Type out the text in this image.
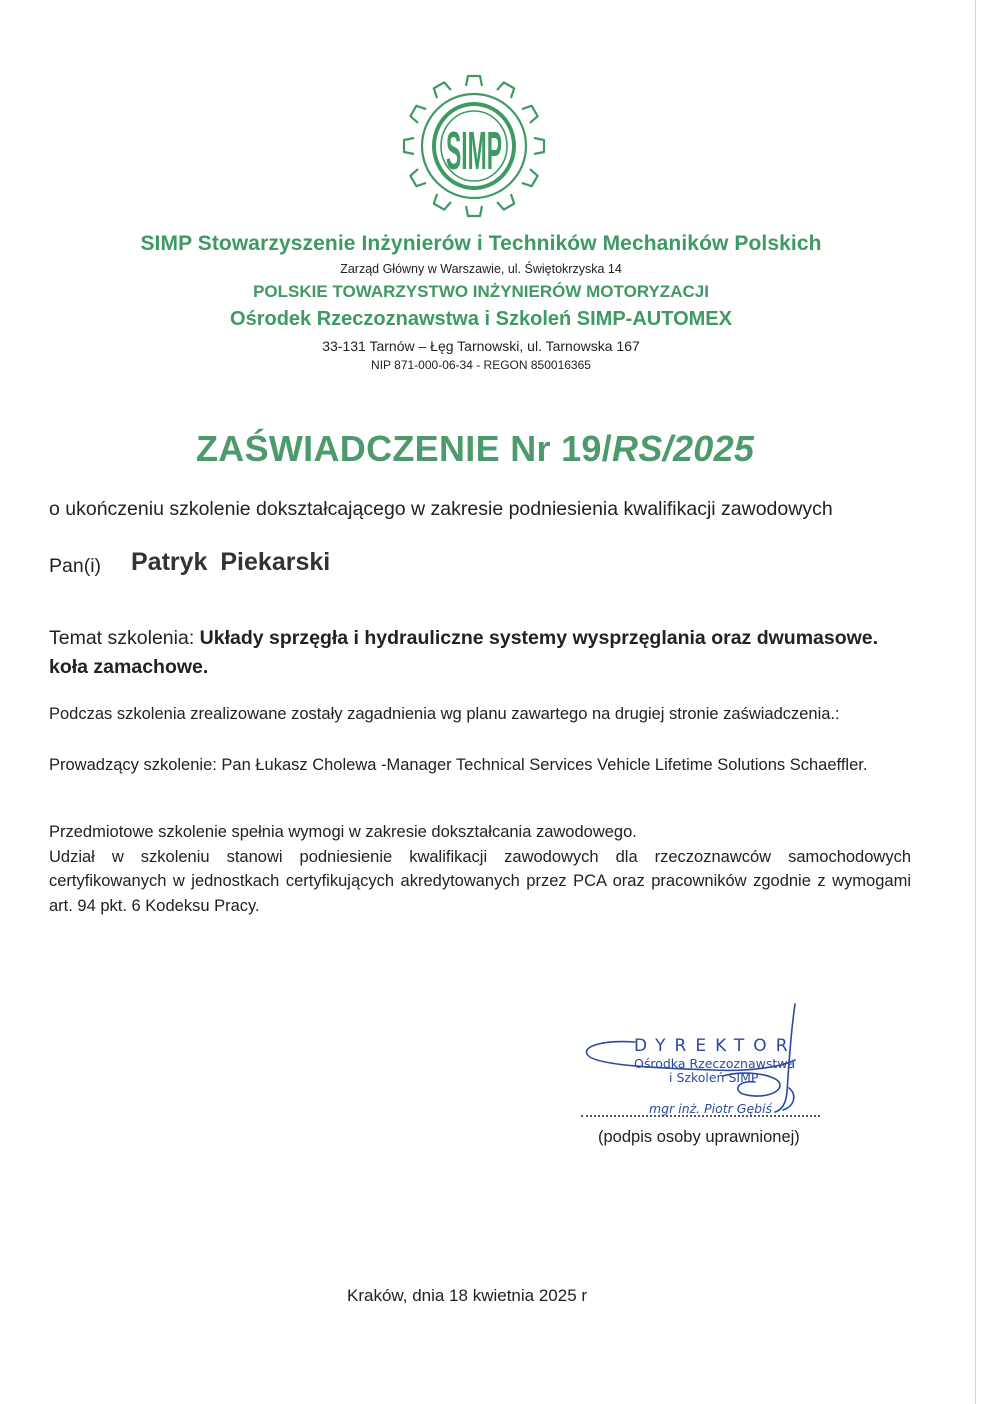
SIMP
SIMP Stowarzyszenie Inżynierów i Techników Mechaników Polskich
Zarząd Główny w Warszawie, ul. Świętokrzyska 14
POLSKIE TOWARZYSTWO INŻYNIERÓW MOTORYZACJI
Ośrodek Rzeczoznawstwa i Szkoleń SIMP-AUTOMEX
33-131 Tarnów – Łęg Tarnowski, ul. Tarnowska 167
NIP 871-000-06-34 - REGON 850016365
ZAŚWIADCZENIE Nr 19/RS/2025
o ukończeniu szkolenie dokształcającego w zakresie podniesienia kwalifikacji zawodowych
Pan(i) Patryk Piekarski
Temat szkolenia: Układy sprzęgła i hydrauliczne systemy wysprzęglania oraz dwumasowe. koła zamachowe.
Podczas szkolenia zrealizowane zostały zagadnienia wg planu zawartego na drugiej stronie zaświadczenia.:
Prowadzący szkolenie: Pan Łukasz Cholewa -Manager Technical Services Vehicle Lifetime Solutions Schaeffler.
Przedmiotowe szkolenie spełnia wymogi w zakresie dokształcania zawodowego.
Udział w szkoleniu stanowi podniesienie kwalifikacji zawodowych dla rzeczoznawców samochodowych certyfikowanych w jednostkach certyfikujących akredytowanych przez PCA oraz pracowników zgodnie z wymogami art. 94 pkt. 6 Kodeksu Pracy.
DYREKTOR
Ośrodka Rzeczoznawstwa
i Szkoleń SIMP
mgr inż. Piotr Gębiś
(podpis osoby uprawnionej)
Kraków, dnia 18 kwietnia 2025 r
